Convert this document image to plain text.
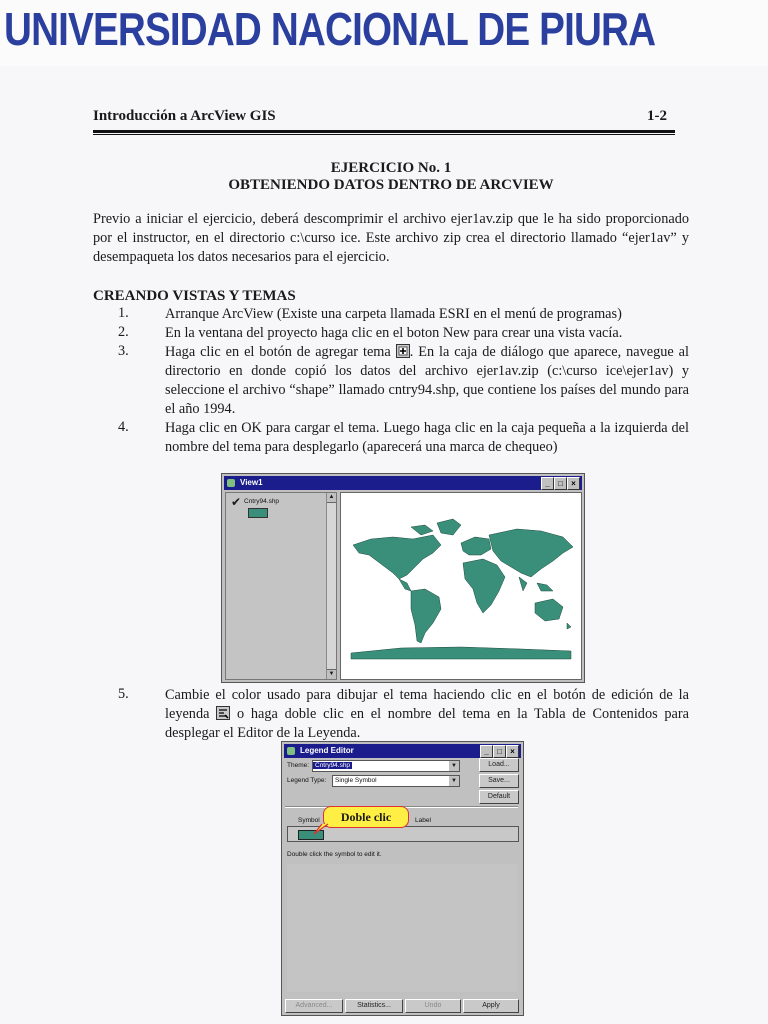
UNIVERSIDAD NACIONAL DE PIURA
Introducción a ArcView GIS	1-2
EJERCICIO No. 1
OBTENIENDO DATOS DENTRO DE ARCVIEW
Previo a iniciar el ejercicio, deberá descomprimir el archivo ejer1av.zip que le ha sido proporcionado por el instructor, en el directorio c:\curso ice. Este archivo zip crea el directorio llamado “ejer1av” y desempaqueta los datos necesarios para el ejercicio.
CREANDO VISTAS Y TEMAS
1.	Arranque ArcView (Existe una carpeta llamada ESRI en el menú de programas)
2.	En la ventana del proyecto haga clic en el boton New para crear una vista vacía.
3.	Haga clic en el botón de agregar tema . En la caja de diálogo que aparece, navegue al directorio en donde copió los datos del archivo ejer1av.zip (c:\curso ice\ejer1av) y seleccione el archivo “shape” llamado cntry94.shp, que contiene los países del mundo para el año 1994.
4.	Haga clic en OK para cargar el tema. Luego haga clic en la caja pequeña a la izquierda del nombre del tema para desplegarlo (aparecerá una marca de chequeo)
View1	_	□	×
✔ Cntry94.shp
▲
▼
5.	Cambie el color usado para dibujar el tema haciendo clic en el botón de edición de la leyenda o haga doble clic en el nombre del tema en la Tabla de Contenidos para desplegar el Editor de la Leyenda.
Legend Editor	_	□	×
Theme: Cntry94.shp	▼
Legend Type: Single Symbol	▼
Load...
Save...
Default
Symbol	Label
Doble clic
Double click the symbol to edit it.
Advanced...	Statistics...	Undo	Apply
